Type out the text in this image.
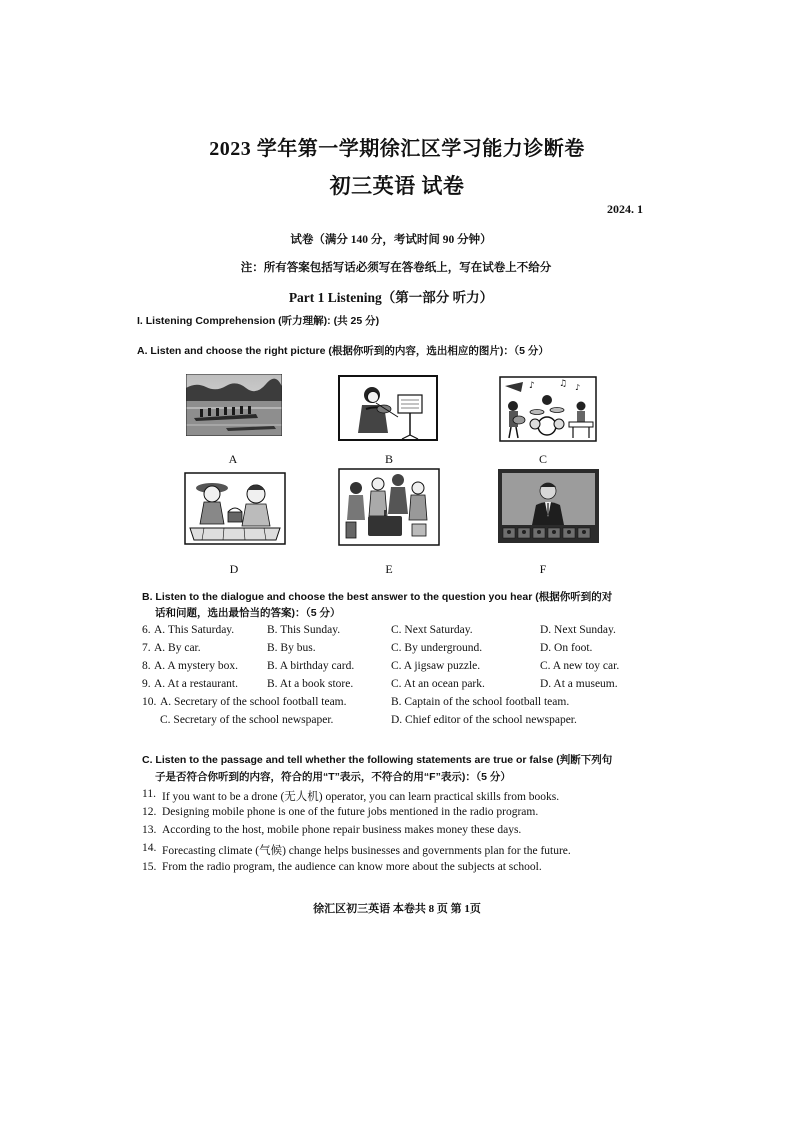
2023 学年第一学期徐汇区学习能力诊断卷
初三英语 试卷
2024. 1
试卷（满分 140 分，考试时间 90 分钟）
注：所有答案包括写话必须写在答卷纸上，写在试卷上不给分
Part 1 Listening（第一部分 听力）
I. Listening Comprehension (听力理解): (共 25 分)
A. Listen and choose the right picture (根据你听到的内容，选出相应的图片)：（5 分）
♪	♫ ♪
A	B	C
D	E	F
B. Listen to the dialogue and choose the best answer to the question you hear (根据你听到的对
话和问题，选出最恰当的答案)：（5 分）
6. A. This Saturday.	B. This Sunday.	C. Next Saturday.	D. Next Sunday.
7. A. By car.	B. By bus.	C. By underground.	D. On foot.
8. A. A mystery box.	B. A birthday card.	C. A jigsaw puzzle.	C. A new toy car.
9. A. At a restaurant.	B. At a book store.	C. At an ocean park.	D. At a museum.
10. A. Secretary of the school football team.	B. Captain of the school football team.
C. Secretary of the school newspaper.	D. Chief editor of the school newspaper.
C. Listen to the passage and tell whether the following statements are true or false (判断下列句
子是否符合你听到的内容，符合的用“T”表示，不符合的用“F”表示)：（5 分）
11. If you want to be a drone (无人机) operator, you can learn practical skills from books.
12. Designing mobile phone is one of the future jobs mentioned in the radio program.
13. According to the host, mobile phone repair business makes money these days.
14. Forecasting climate (气候) change helps businesses and governments plan for the future.
15. From the radio program, the audience can know more about the subjects at school.
徐汇区初三英语 本卷共 8 页 第 1页
